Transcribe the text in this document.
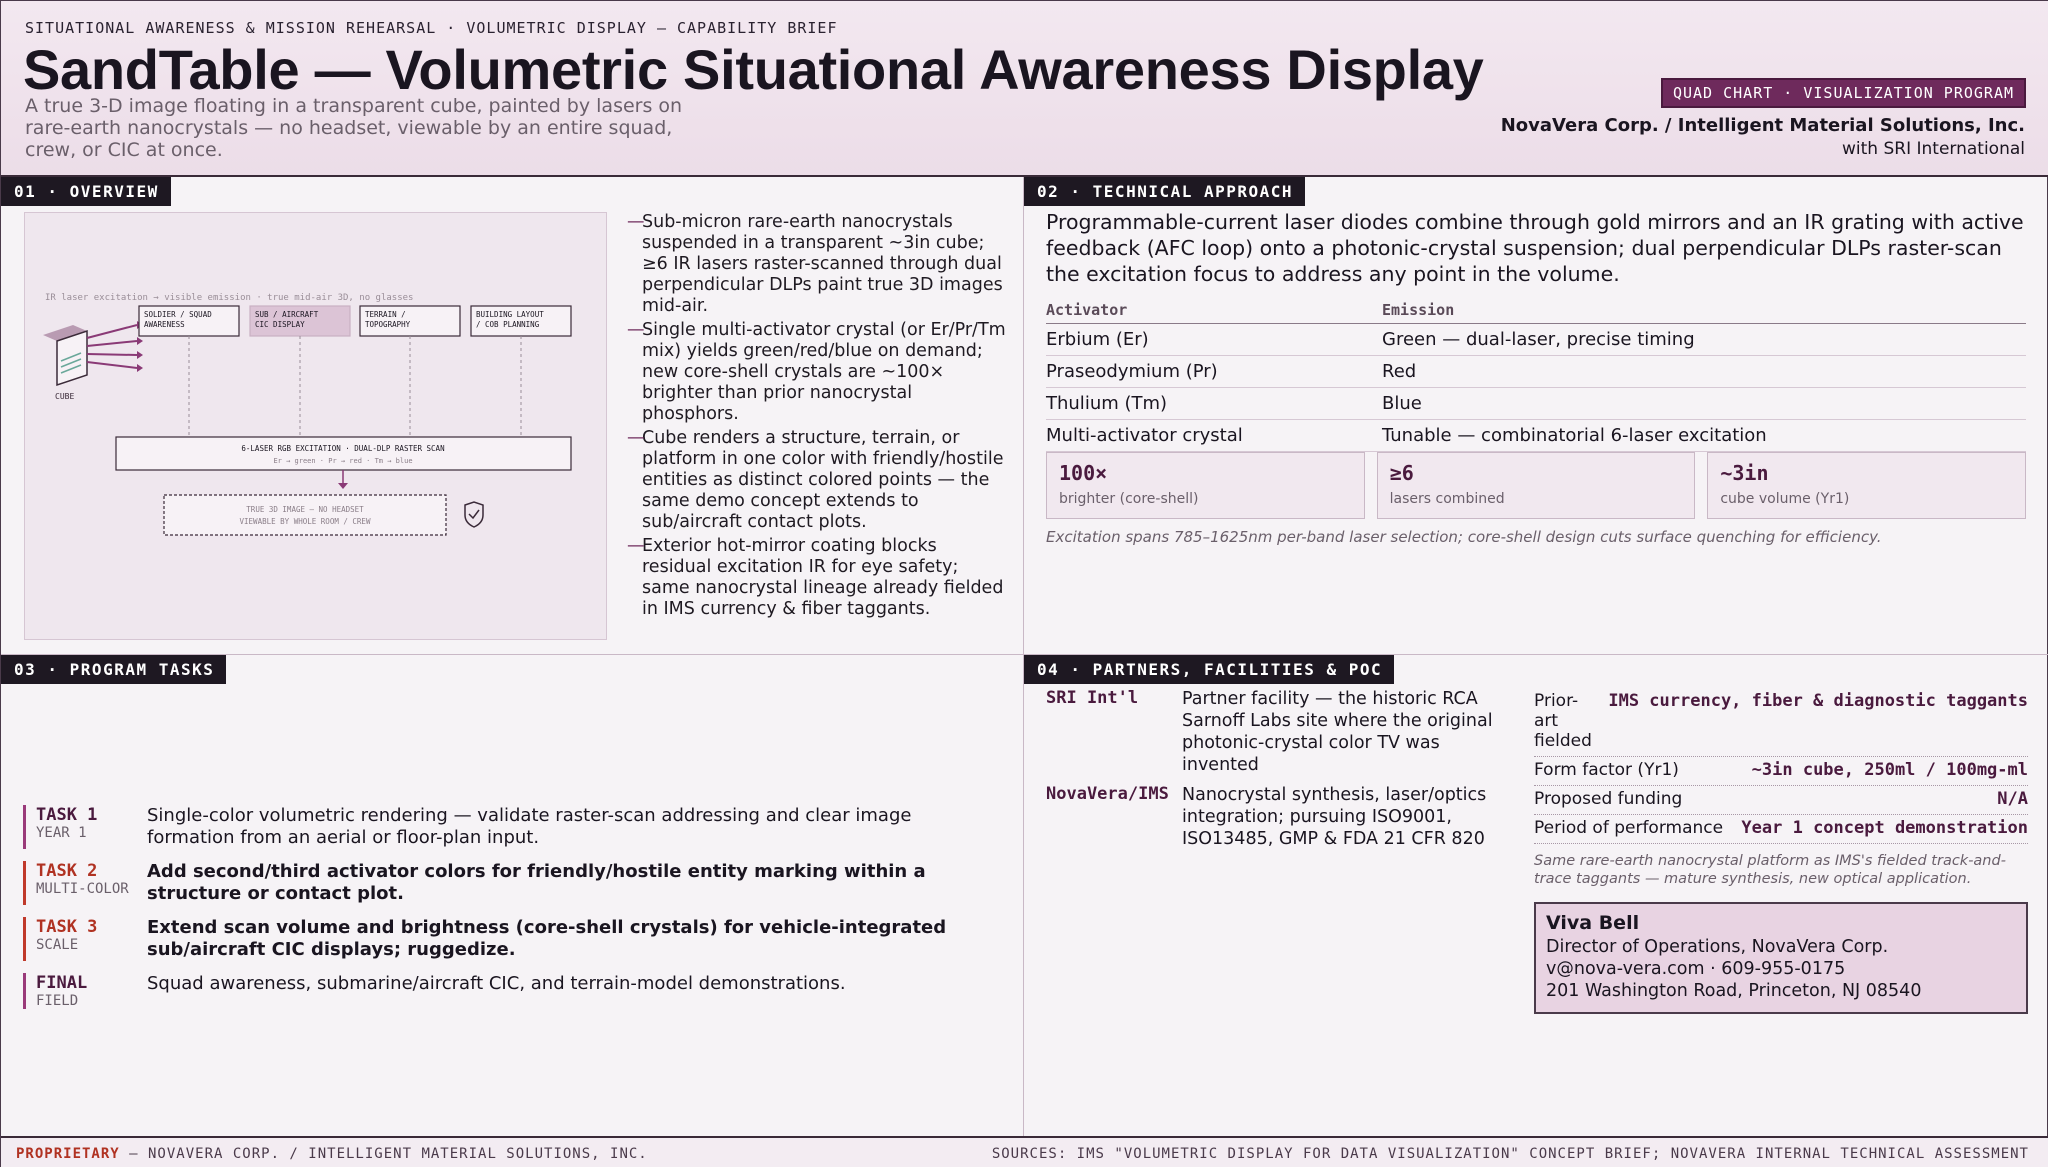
SITUATIONAL AWARENESS & MISSION REHEARSAL · VOLUMETRIC DISPLAY — CAPABILITY BRIEF
SandTable — Volumetric Situational Awareness Display
A true 3-D image floating in a transparent cube, painted by lasers on rare-earth nanocrystals — no headset, viewable by an entire squad, crew, or CIC at once.
QUAD CHART · VISUALIZATION PROGRAM
NovaVera Corp. / Intelligent Material Solutions, Inc.
with SRI International
01 · OVERVIEW
IR laser excitation → visible emission · true mid-air 3D, no glasses
CUBE
SOLDIER / SQUAD
AWARENESS
SUB / AIRCRAFT
CIC DISPLAY
TERRAIN /
TOPOGRAPHY
BUILDING LAYOUT
/ COB PLANNING
6-LASER RGB EXCITATION · DUAL-DLP RASTER SCAN
Er → green · Pr → red · Tm → blue
TRUE 3D IMAGE — NO HEADSET
VIEWABLE BY WHOLE ROOM / CREW
— Sub-micron rare-earth nanocrystals suspended in a transparent ~3in cube; ≥6 IR lasers raster-scanned through dual perpendicular DLPs paint true 3D images mid-air.
— Single multi-activator crystal (or Er/Pr/Tm mix) yields green/red/blue on demand; new core-shell crystals are ~100× brighter than prior nanocrystal phosphors.
— Cube renders a structure, terrain, or platform in one color with friendly/hostile entities as distinct colored points — the same demo concept extends to sub/aircraft contact plots.
— Exterior hot-mirror coating blocks residual excitation IR for eye safety; same nanocrystal lineage already fielded in IMS currency & fiber taggants.
02 · TECHNICAL APPROACH
Programmable-current laser diodes combine through gold mirrors and an IR grating with active feedback (AFC loop) onto a photonic-crystal suspension; dual perpendicular DLPs raster-scan the excitation focus to address any point in the volume.
Activator	Emission
Erbium (Er)	Green — dual-laser, precise timing
Praseodymium (Pr)	Red
Thulium (Tm)	Blue
Multi-activator crystal	Tunable — combinatorial 6-laser excitation
100×
brighter (core-shell)
≥6
lasers combined
~3in
cube volume (Yr1)
Excitation spans 785–1625nm per-band laser selection; core-shell design cuts surface quenching for efficiency.
03 · PROGRAM TASKS
TASK 1
YEAR 1
Single-color volumetric rendering — validate raster-scan addressing and clear image formation from an aerial or floor-plan input.
TASK 2
MULTI-COLOR
Add second/third activator colors for friendly/hostile entity marking within a structure or contact plot.
TASK 3
SCALE
Extend scan volume and brightness (core-shell crystals) for vehicle-integrated sub/aircraft CIC displays; ruggedize.
FINAL
FIELD
Squad awareness, submarine/aircraft CIC, and terrain-model demonstrations.
04 · PARTNERS, FACILITIES & POC
SRI Int'l	Partner facility — the historic RCA Sarnoff Labs site where the original photonic-crystal color TV was invented
NovaVera/IMS Nanocrystal synthesis, laser/optics integration; pursuing ISO9001, ISO13485, GMP & FDA 21 CFR 820
Prior-art fielded
IMS currency, fiber & diagnostic taggants
Form factor (Yr1)	~3in cube, 250ml / 100mg-ml
Proposed funding	N/A
Period of performance Year 1 concept demonstration
Same rare-earth nanocrystal platform as IMS's fielded track-and-trace taggants — mature synthesis, new optical application.
Viva Bell
Director of Operations, NovaVera Corp.
v@nova-vera.com · 609-955-0175
201 Washington Road, Princeton, NJ 08540
PROPRIETARY — NOVAVERA CORP. / INTELLIGENT MATERIAL SOLUTIONS, INC.	SOURCES: IMS "VOLUMETRIC DISPLAY FOR DATA VISUALIZATION" CONCEPT BRIEF; NOVAVERA INTERNAL TECHNICAL ASSESSMENT
